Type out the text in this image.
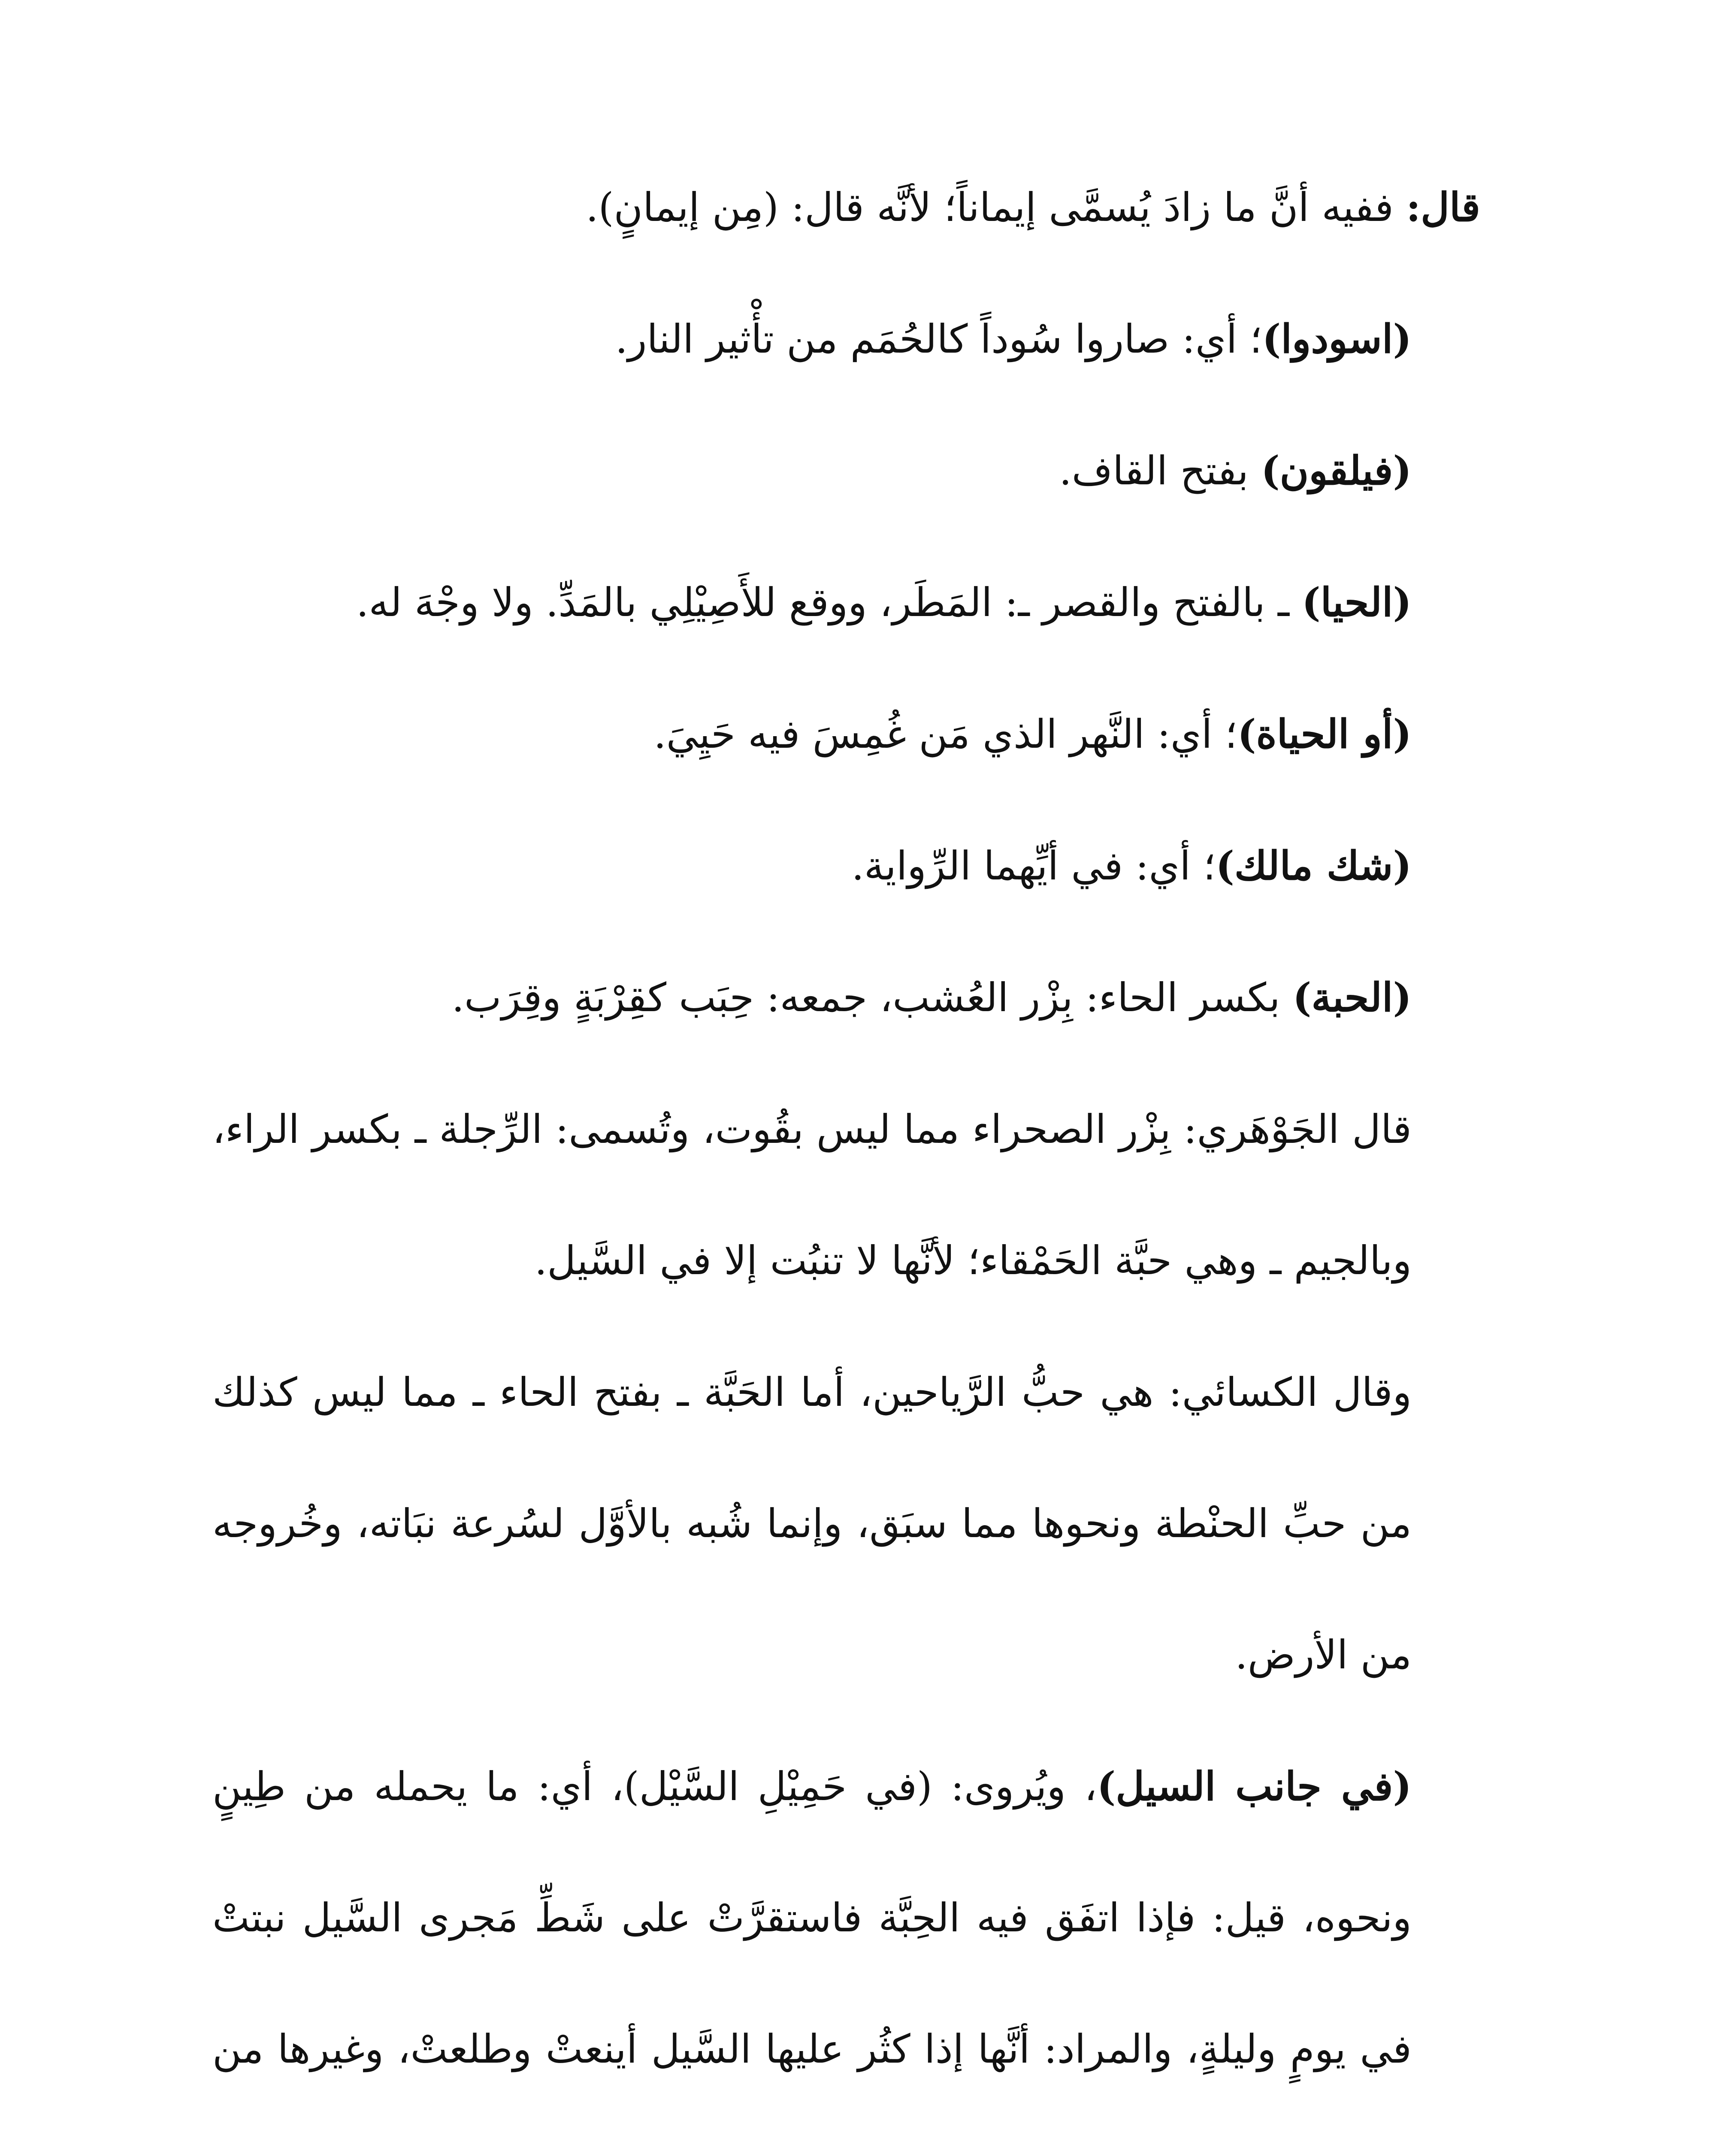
قال: ففيه أنَّ ما زادَ يُسمَّى إيماناً؛ لأنَّه قال: (مِن إيمانٍ).

(اسودوا)؛ أي: صاروا سُوداً كالحُمَم من تأْثير النار.

(فيلقون) بفتح القاف.

(الحيا) ـ بالفتح والقصر ـ: المَطَر، ووقع للأَصِيْلِي بالمَدِّ. ولا وجْهَ له.

(أو الحياة)؛ أي: النَّهر الذي مَن غُمِسَ فيه حَيِيَ.

(شك مالك)؛ أي: في أيِّهما الرِّواية.

(الحبة) بكسر الحاء: بِزْر العُشب، جمعه: حِبَب كقِرْبَةٍ وقِرَب.

قال الجَوْهَري: بِزْر الصحراء مما ليس بقُوت، وتُسمى: الرِّجلة ـ بكسر الراء، وبالجيم ـ وهي حبَّة الحَمْقاء؛ لأنَّها لا تنبُت إلا في السَّيل.

وقال الكسائي: هي حبُّ الرَّياحين، أما الحَبَّة ـ بفتح الحاء ـ مما ليس كذلك من حبِّ الحنْطة ونحوها مما سبَق، وإنما شُبه بالأوَّل لسُرعة نبَاته، وخُروجه من الأرض.

(في جانب السيل)، ويُروى: (في حَمِيْلِ السَّيْل)، أي: ما يحمله من طِينٍ ونحوه، قيل: فإذا اتفَق فيه الحِبَّة فاستقرَّتْ على شَطِّ مَجرى السَّيل نبتتْ في يومٍ وليلةٍ، والمراد: أنَّها إذا كثُر عليها السَّيل أينعتْ وطلعتْ، وغيرها من
